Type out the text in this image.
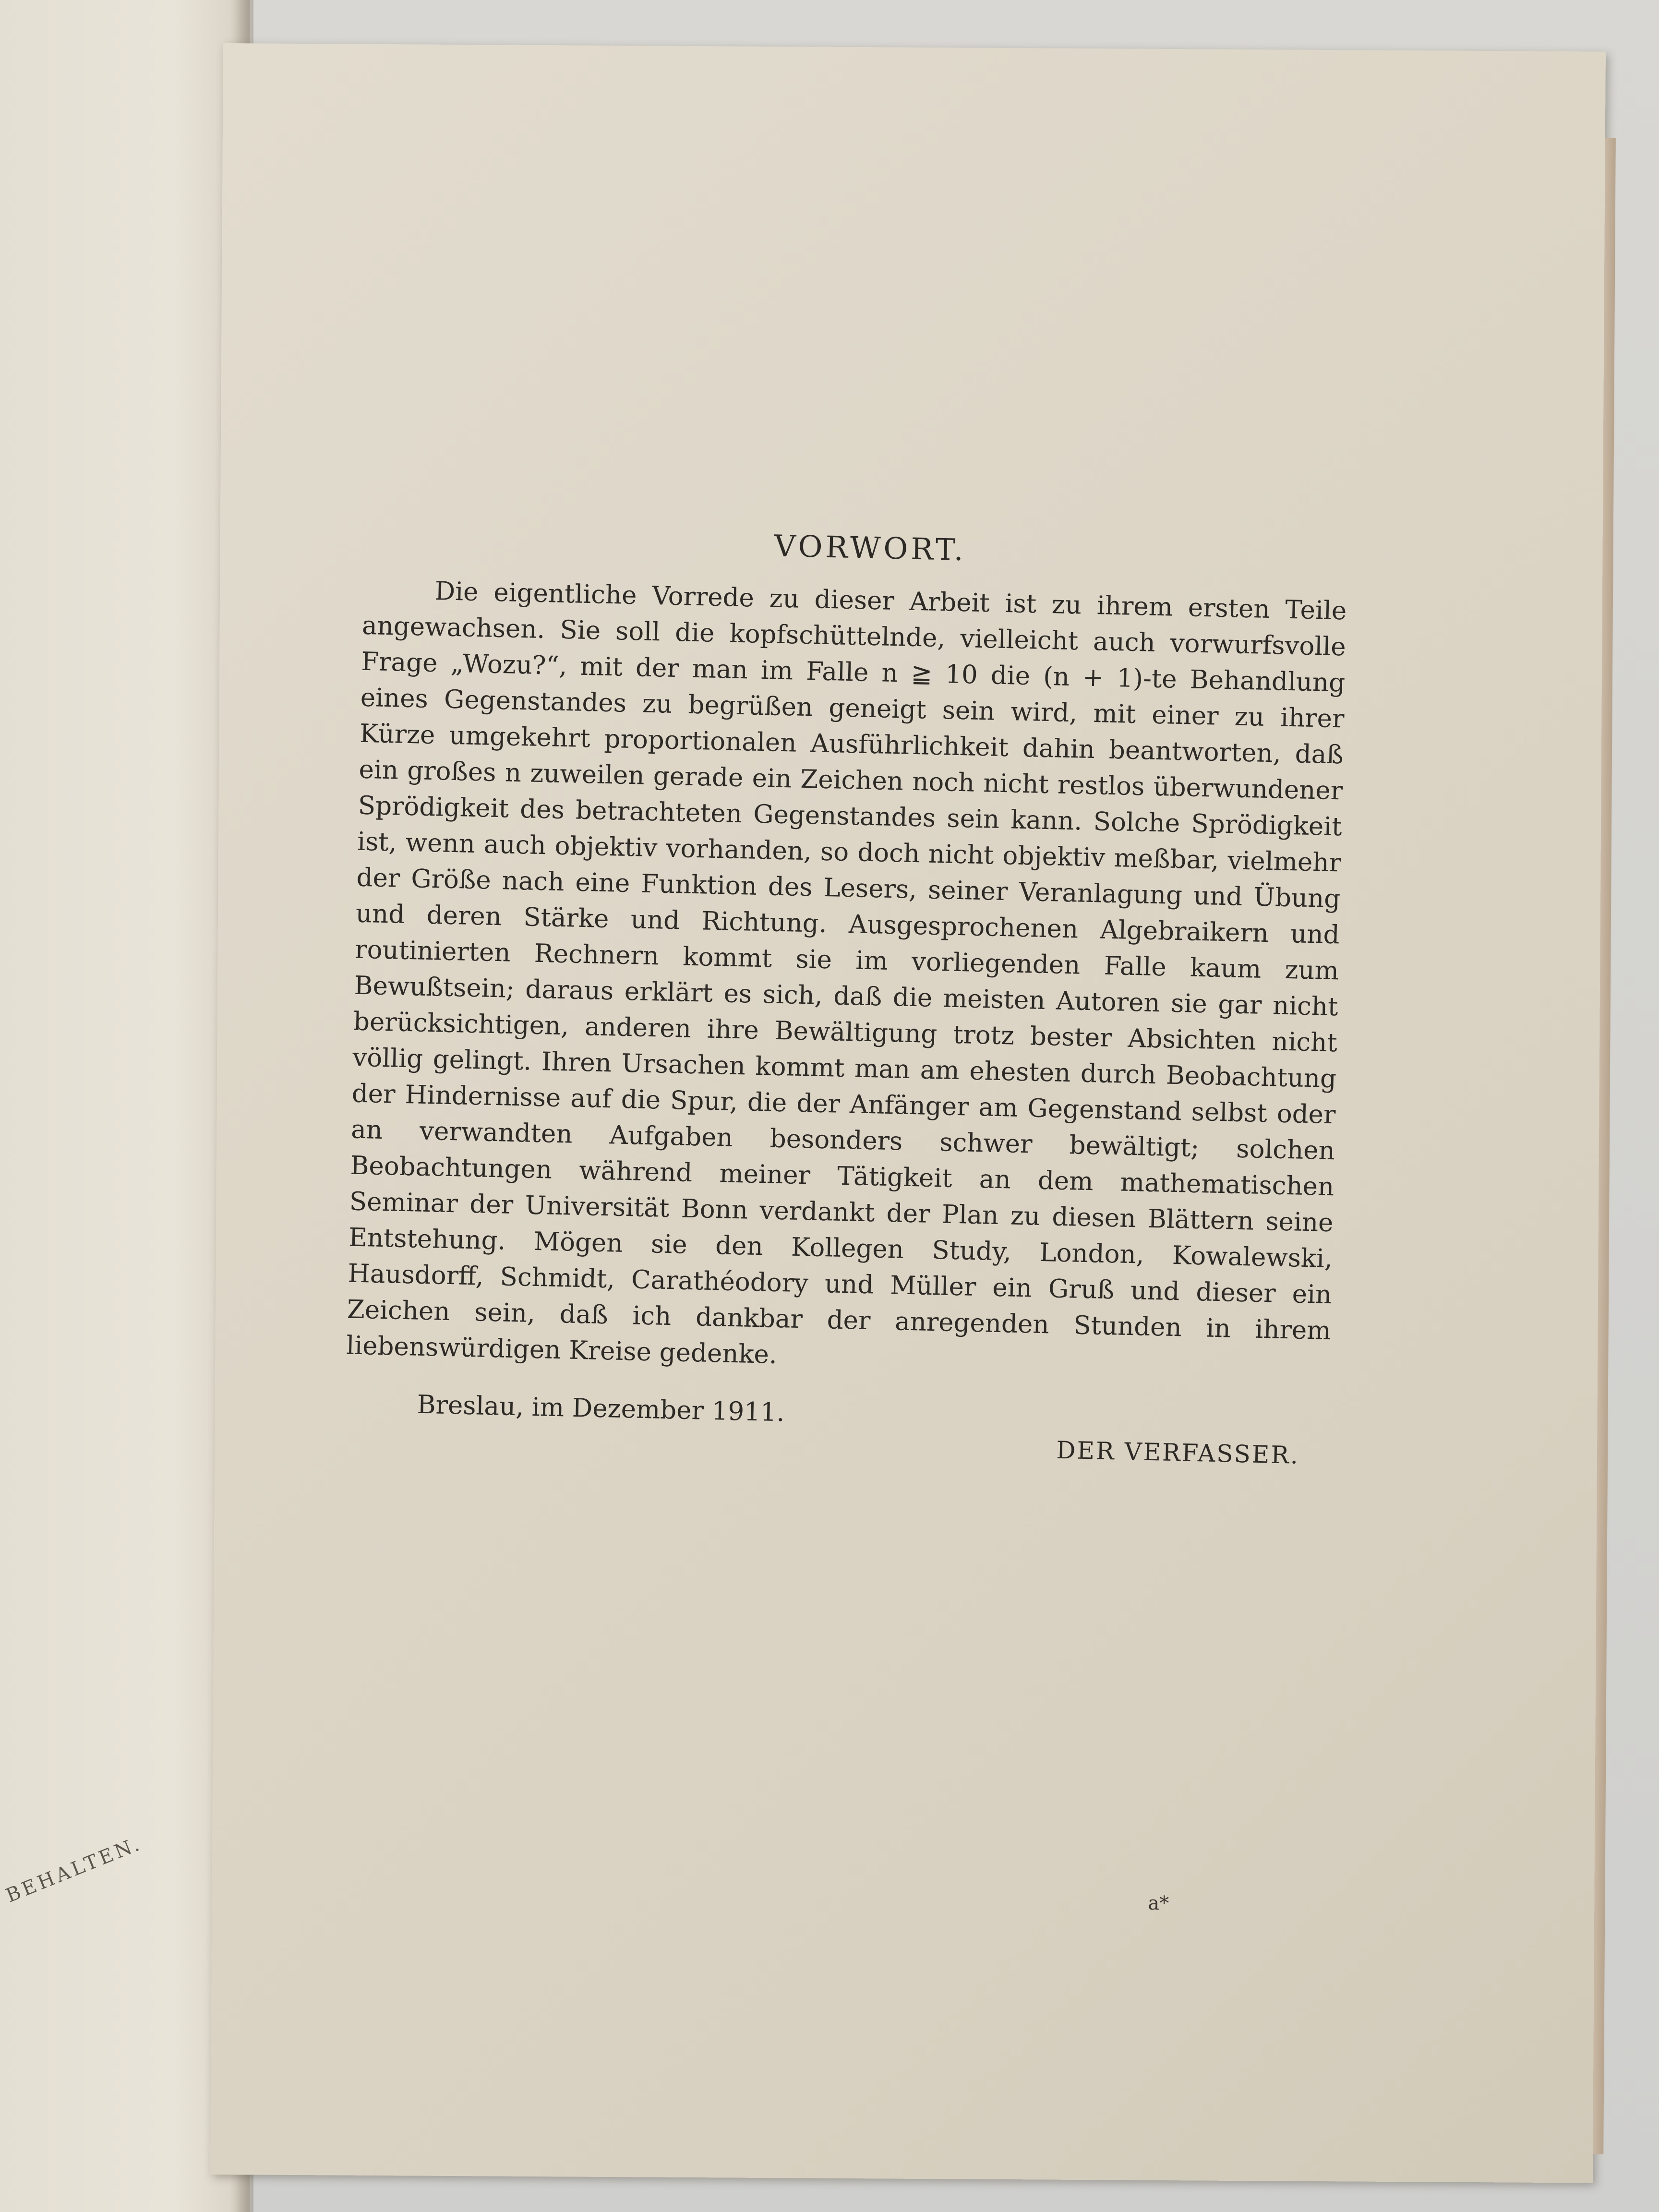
BEHALTEN.
VORWORT.

Die eigentliche Vorrede zu dieser Arbeit ist zu ihrem ersten Teile angewachsen. Sie soll die kopfschüttelnde, vielleicht auch vorwurfsvolle Frage „Wozu?“, mit der man im Falle n ≧ 10 die (n + 1)-te Behandlung eines Gegenstandes zu begrüßen geneigt sein wird, mit einer zu ihrer Kürze umgekehrt proportionalen Ausführlichkeit dahin beantworten, daß ein großes n zuweilen gerade ein Zeichen noch nicht restlos überwundener Sprödigkeit des betrachteten Gegenstandes sein kann. Solche Sprödigkeit ist, wenn auch objektiv vorhanden, so doch nicht objektiv meßbar, vielmehr der Größe nach eine Funktion des Lesers, seiner Veranlagung und Übung und deren Stärke und Richtung. Ausgesprochenen Algebraikern und routinierten Rechnern kommt sie im vorliegenden Falle kaum zum Bewußtsein; daraus erklärt es sich, daß die meisten Autoren sie gar nicht berücksichtigen, anderen ihre Bewältigung trotz bester Absichten nicht völlig gelingt. Ihren Ursachen kommt man am ehesten durch Beobachtung der Hindernisse auf die Spur, die der Anfänger am Gegenstand selbst oder an verwandten Aufgaben besonders schwer bewältigt; solchen Beobachtungen während meiner Tätigkeit an dem mathematischen Seminar der Universität Bonn verdankt der Plan zu diesen Blättern seine Entstehung. Mögen sie den Kollegen Study, London, Kowalewski, Hausdorff, Schmidt, Carathéodory und Müller ein Gruß und dieser ein Zeichen sein, daß ich dankbar der anregenden Stunden in ihrem liebenswürdigen Kreise gedenke.

Breslau, im Dezember 1911.
DER VERFASSER.
a*
